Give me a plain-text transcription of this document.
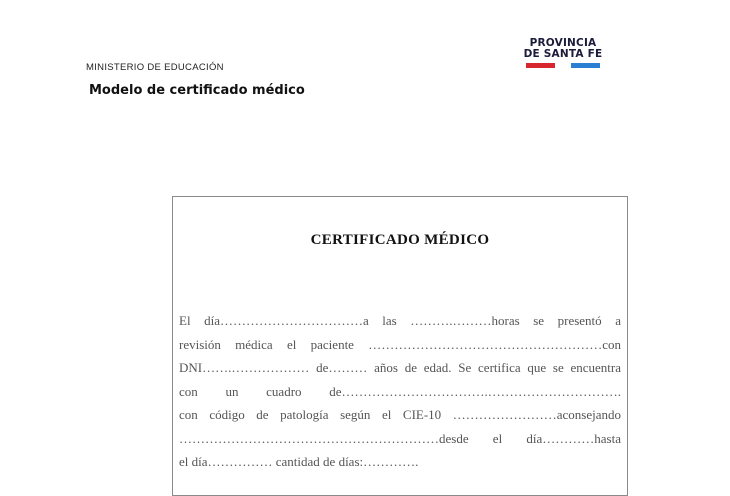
MINISTERIO DE EDUCACIÓN
Modelo de certificado médico
PROVINCIA
DE SANTA FE
CERTIFICADO MÉDICO
El día……………………………a las ……….………horas se presentó a
revisión médica el paciente ………………………………………………con
DNI…….……………… de……… años de edad. Se certifica que se encuentra
con un cuadro de…………………………….………………………….
con código de patología según el CIE-10 ……………………aconsejando
……………………………………………………desde el día…………hasta
el día…………… cantidad de días:………….
